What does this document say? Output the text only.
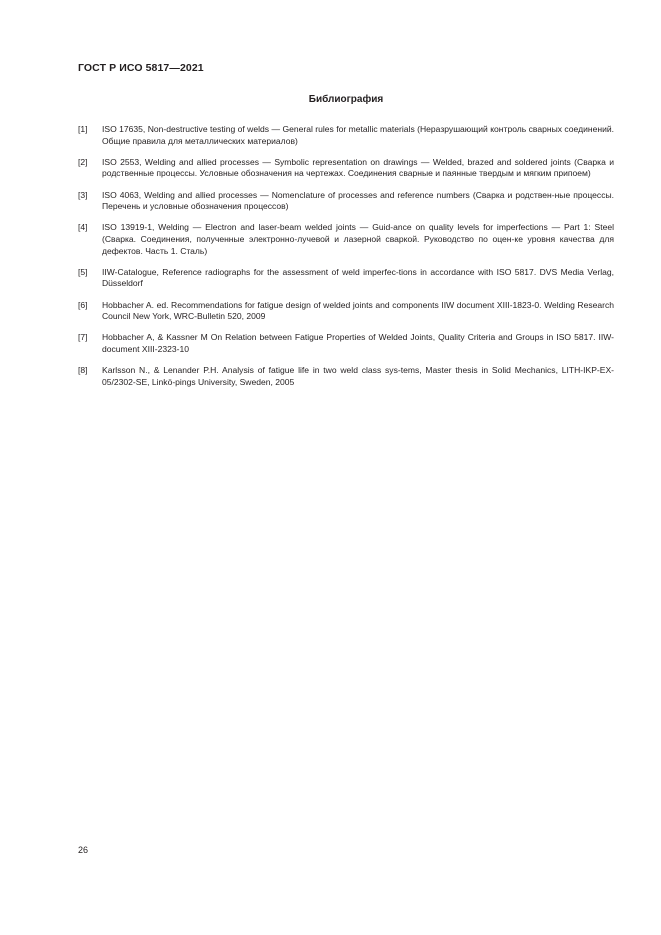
ГОСТ Р ИСО 5817—2021
Библиография
[1]	ISO 17635, Non-destructive testing of welds — General rules for metallic materials (Неразрушающий контроль сварных соединений. Общие правила для металлических материалов)
[2]	ISO 2553, Welding and allied processes — Symbolic representation on drawings — Welded, brazed and soldered joints (Сварка и родственные процессы. Условные обозначения на чертежах. Соединения сварные и паянные твердым и мягким припоем)
[3]	ISO 4063, Welding and allied processes — Nomenclature of processes and reference numbers (Сварка и родствен-ные процессы. Перечень и условные обозначения процессов)
[4]	ISO 13919-1, Welding — Electron and laser-beam welded joints — Guid-ance on quality levels for imperfections — Part 1: Steel (Сварка. Соединения, полученные электронно-лучевой и лазерной сваркой. Руководство по оцен-ке уровня качества для дефектов. Часть 1. Сталь)
[5]	IIW-Catalogue, Reference radiographs for the assessment of weld imperfec-tions in accordance with ISO 5817. DVS Media Verlag, Düsseldorf
[6]	Hobbacher A. ed. Recommendations for fatigue design of welded joints and components IIW document XIII-1823-0. Welding Research Council New York, WRC-Bulletin 520, 2009
[7]	Hobbacher A, & Kassner M On Relation between Fatigue Properties of Welded Joints, Quality Criteria and Groups in ISO 5817. IIW-document XIII-2323-10
[8]	Karlsson N., & Lenander P.H. Analysis of fatigue life in two weld class sys-tems, Master thesis in Solid Mechanics, LITH-IKP-EX-05/2302-SE, Linkö-pings University, Sweden, 2005
26
